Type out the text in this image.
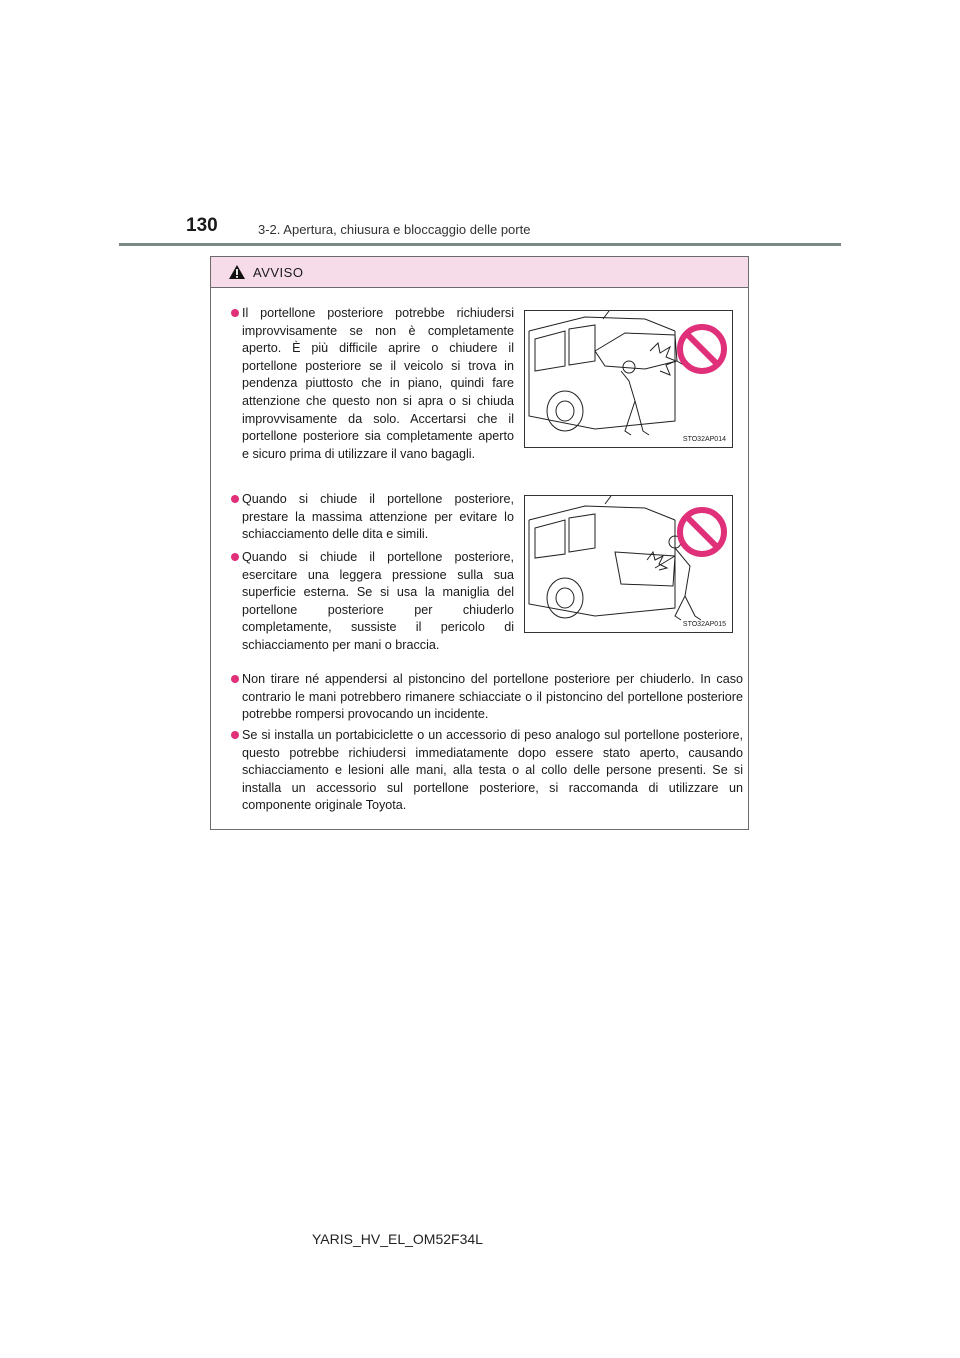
130	3-2. Apertura, chiusura e bloccaggio delle porte
AVVISO
Il portellone posteriore potrebbe richiudersi improvvisamente se non è completamente aperto. È più difficile aprire o chiudere il portellone posteriore se il veicolo si trova in pendenza piuttosto che in piano, quindi fare attenzione che questo non si apra o si chiuda improvvisamente da solo. Accertarsi che il portellone posteriore sia completamente aperto e sicuro prima di utilizzare il vano bagagli.
STO32AP014
Quando si chiude il portellone posteriore, prestare la massima attenzione per evitare lo schiacciamento delle dita e simili.
Quando si chiude il portellone posteriore, esercitare una leggera pressione sulla sua superficie esterna. Se si usa la maniglia del portellone posteriore per chiuderlo completamente, sussiste il pericolo di schiacciamento per mani o braccia.
STO32AP015
Non tirare né appendersi al pistoncino del portellone posteriore per chiuderlo. In caso contrario le mani potrebbero rimanere schiacciate o il pistoncino del portellone posteriore potrebbe rompersi provocando un incidente.
Se si installa un portabiciclette o un accessorio di peso analogo sul portellone posteriore, questo potrebbe richiudersi immediatamente dopo essere stato aperto, causando schiacciamento e lesioni alle mani, alla testa o al collo delle persone presenti. Se si installa un accessorio sul portellone posteriore, si raccomanda di utilizzare un componente originale Toyota.
YARIS_HV_EL_OM52F34L
